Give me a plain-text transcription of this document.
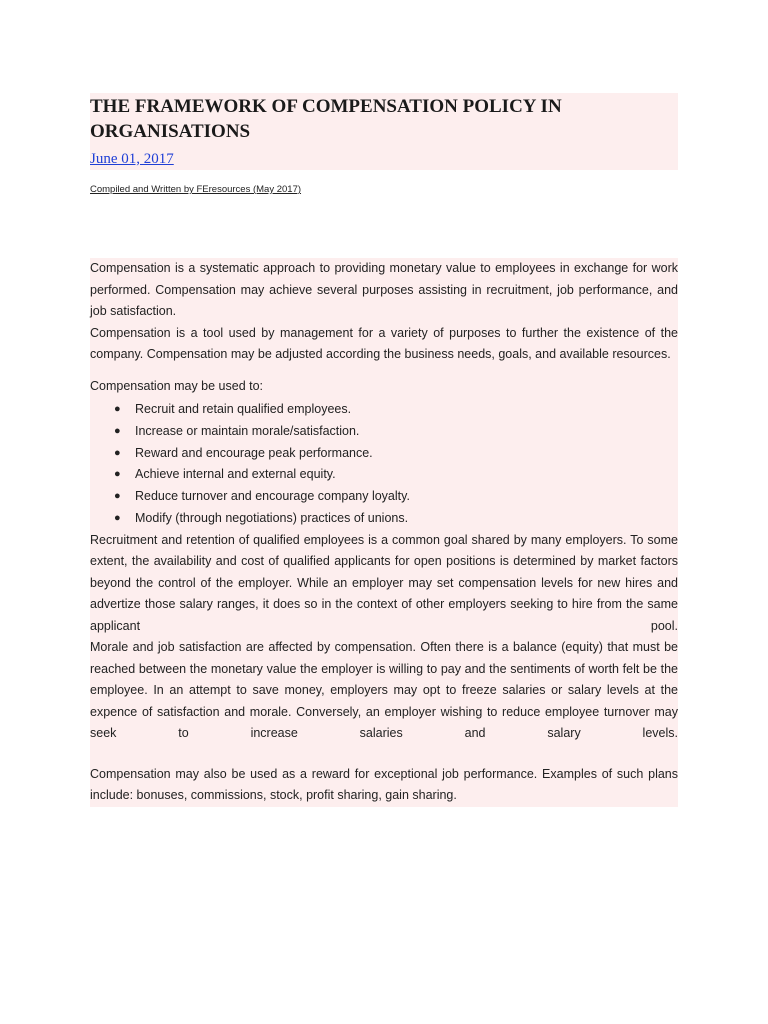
THE FRAMEWORK OF COMPENSATION POLICY IN ORGANISATIONS
June 01, 2017
Compiled and Written by FEresources (May 2017)

Compensation is a systematic approach to providing monetary value to employees in exchange for work performed. Compensation may achieve several purposes assisting in recruitment, job performance, and job satisfaction.

Compensation is a tool used by management for a variety of purposes to further the existence of the company. Compensation may be adjusted according the business needs, goals, and available resources.

Compensation may be used to:

● Recruit and retain qualified employees.
● Increase or maintain morale/satisfaction.
● Reward and encourage peak performance.
● Achieve internal and external equity.
● Reduce turnover and encourage company loyalty.
● Modify (through negotiations) practices of unions.

Recruitment and retention of qualified employees is a common goal shared by many employers. To some extent, the availability and cost of qualified applicants for open positions is determined by market factors beyond the control of the employer. While an employer may set compensation levels for new hires and advertize those salary ranges, it does so in the context of other employers seeking to hire from the same applicant pool.

Morale and job satisfaction are affected by compensation. Often there is a balance (equity) that must be reached between the monetary value the employer is willing to pay and the sentiments of worth felt be the employee. In an attempt to save money, employers may opt to freeze salaries or salary levels at the expence of satisfaction and morale. Conversely, an employer wishing to reduce employee turnover may seek to increase salaries and salary levels.

Compensation may also be used as a reward for exceptional job performance. Examples of such plans include: bonuses, commissions, stock, profit sharing, gain sharing.
